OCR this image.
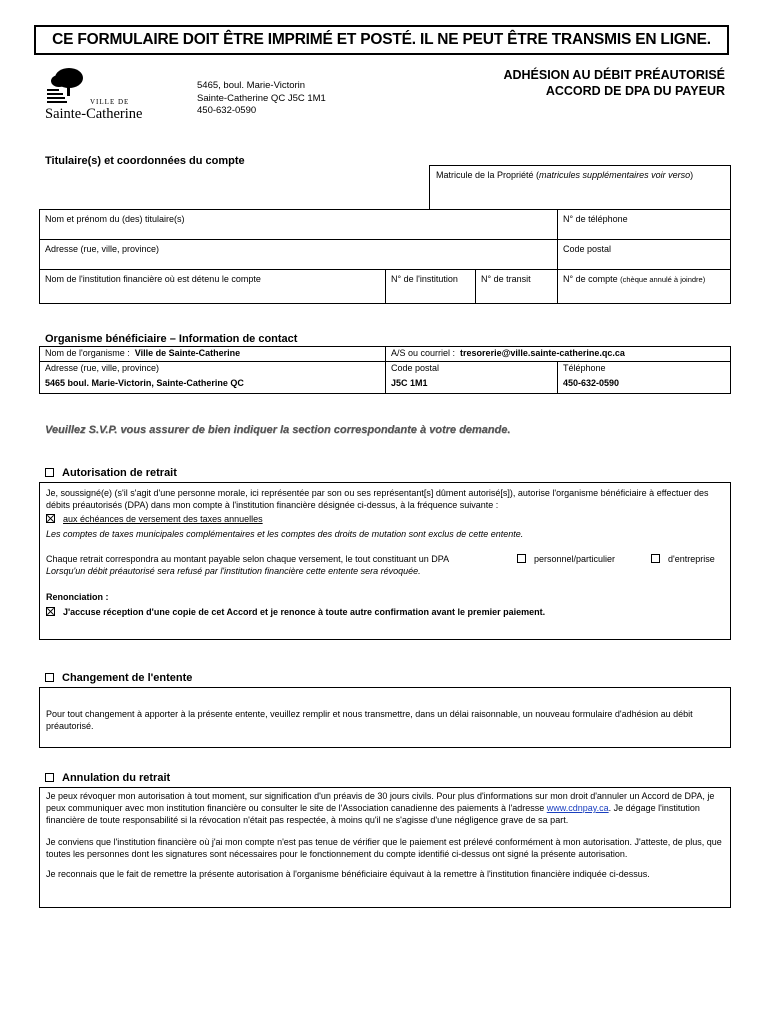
CE FORMULAIRE DOIT ÊTRE IMPRIMÉ ET POSTÉ. IL NE PEUT ÊTRE TRANSMIS EN LIGNE.
VILLE DE
Sainte-Catherine
5465, boul. Marie-Victorin
Sainte-Catherine QC J5C 1M1
450-632-0590
ADHÉSION AU DÉBIT PRÉAUTORISÉ
ACCORD DE DPA DU PAYEUR
Titulaire(s) et coordonnées du compte
Matricule de la Propriété (matricules supplémentaires voir verso)
Nom et prénom du (des) titulaire(s)			N° de téléphone
Adresse (rue, ville, province)			Code postal
Nom de l'institution financière où est détenu le compte	N° de l'institution	N° de transit	N° de compte (chèque annulé à joindre)
Organisme bénéficiaire – Information de contact
Nom de l'organisme : Ville de Sainte-Catherine	A/S ou courriel : tresorerie@ville.sainte-catherine.qc.ca	
Adresse (rue, ville, province)	Code postal	Téléphone
5465 boul. Marie-Victorin, Sainte-Catherine QC	J5C 1M1	450-632-0590
Veuillez S.V.P. vous assurer de bien indiquer la section correspondante à votre demande.
Autorisation de retrait
Je, soussigné(e) (s'il s'agit d'une personne morale, ici représentée par son ou ses représentant[s] dûment autorisé[s]), autorise l'organisme bénéficiaire à effectuer des débits préautorisés (DPA) dans mon compte à l'institution financière désignée ci-dessus, à la fréquence suivante :
aux échéances de versement des taxes annuelles
Les comptes de taxes municipales complémentaires et les comptes des droits de mutation sont exclus de cette entente.
Chaque retrait correspondra au montant payable selon chaque versement, le tout constituant un DPA	personnel/particulier	d'entreprise
Lorsqu'un débit préautorisé sera refusé par l'institution financière cette entente sera révoquée.
Renonciation :
J'accuse réception d'une copie de cet Accord et je renonce à toute autre confirmation avant le premier paiement.
Changement de l'entente
Pour tout changement à apporter à la présente entente, veuillez remplir et nous transmettre, dans un délai raisonnable, un nouveau formulaire d'adhésion au débit préautorisé.
Annulation du retrait
Je peux révoquer mon autorisation à tout moment, sur signification d'un préavis de 30 jours civils. Pour plus d'informations sur mon droit d'annuler un Accord de DPA, je peux communiquer avec mon institution financière ou consulter le site de l'Association canadienne des paiements à l'adresse www.cdnpay.ca. Je dégage l'institution financière de toute responsabilité si la révocation n'était pas respectée, à moins qu'il ne s'agisse d'une négligence grave de sa part.
Je conviens que l'institution financière où j'ai mon compte n'est pas tenue de vérifier que le paiement est prélevé conformément à mon autorisation. J'atteste, de plus, que toutes les personnes dont les signatures sont nécessaires pour le fonctionnement du compte identifié ci-dessus ont signé la présente autorisation.
Je reconnais que le fait de remettre la présente autorisation à l'organisme bénéficiaire équivaut à la remettre à l'institution financière indiquée ci-dessus.
